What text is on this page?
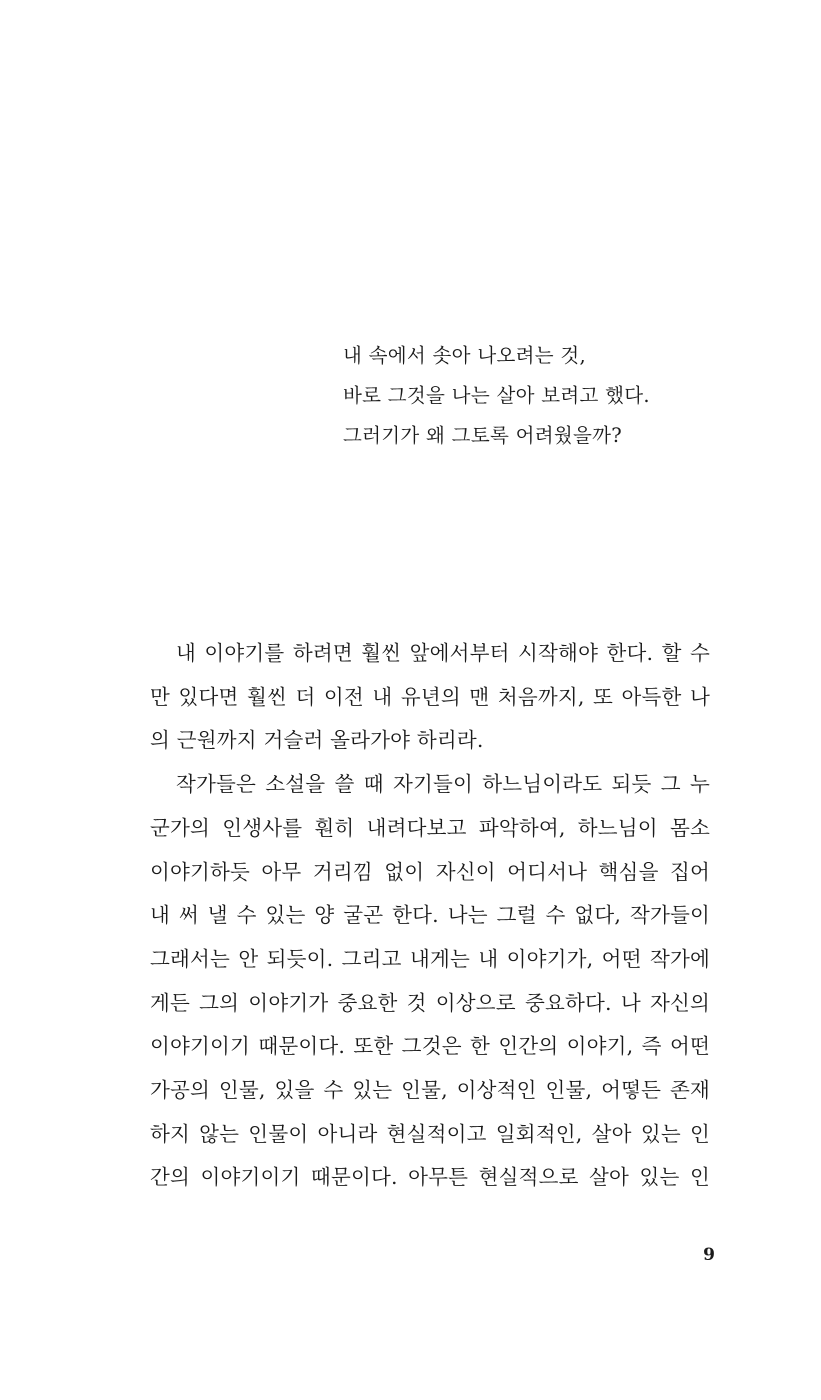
내 속에서 솟아 나오려는 것,
바로 그것을 나는 살아 보려고 했다.
그러기가 왜 그토록 어려웠을까?
내 이야기를 하려면 훨씬 앞에서부터 시작해야 한다. 할 수
만 있다면 훨씬 더 이전 내 유년의 맨 처음까지, 또 아득한 나
의 근원까지 거슬러 올라가야 하리라.
작가들은 소설을 쓸 때 자기들이 하느님이라도 되듯 그 누
군가의 인생사를 훤히 내려다보고 파악하여, 하느님이 몸소
이야기하듯 아무 거리낌 없이 자신이 어디서나 핵심을 집어
내 써 낼 수 있는 양 굴곤 한다. 나는 그럴 수 없다, 작가들이
그래서는 안 되듯이. 그리고 내게는 내 이야기가, 어떤 작가에
게든 그의 이야기가 중요한 것 이상으로 중요하다. 나 자신의
이야기이기 때문이다. 또한 그것은 한 인간의 이야기, 즉 어떤
가공의 인물, 있을 수 있는 인물, 이상적인 인물, 어떻든 존재
하지 않는 인물이 아니라 현실적이고 일회적인, 살아 있는 인
간의 이야기이기 때문이다. 아무튼 현실적으로 살아 있는 인
9
